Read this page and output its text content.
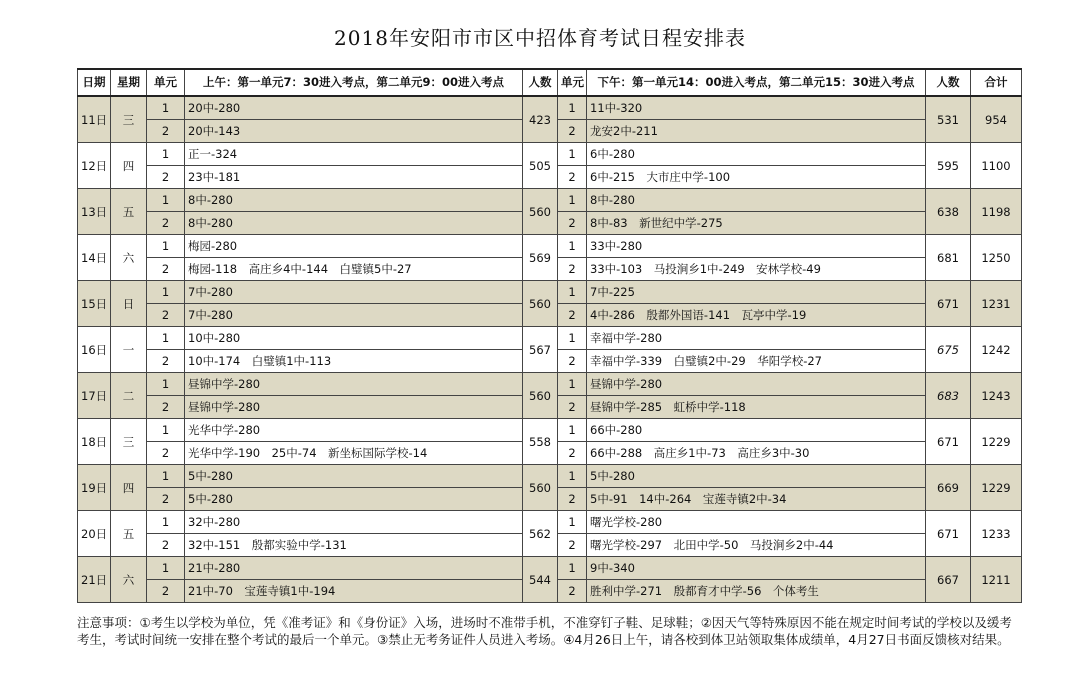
2018年安阳市市区中招体育考试日程安排表
日期	星期	单元	上午：第一单元7：30进入考点，第二单元9：00进入考点	人数	单元	下午：第一单元14：00进入考点，第二单元15：30进入考点	人数	合计
11日	三	1	20中-280	423	1	11中-320	531	954
		2	20中-143		2	龙安2中-211		
12日	四	1	正一-324	505	1	6中-280	595	1100
		2	23中-181		2	6中-215　大市庄中学-100		
13日	五	1	8中-280	560	1	8中-280	638	1198
		2	8中-280		2	8中-83　新世纪中学-275		
14日	六	1	梅园-280	569	1	33中-280	681	1250
		2	梅园-118　高庄乡4中-144　白璧镇5中-27		2	33中-103　马投涧乡1中-249　安林学校-49		
15日	日	1	7中-280	560	1	7中-225	671	1231
		2	7中-280		2	4中-286　殷都外国语-141　瓦亭中学-19		
16日	一	1	10中-280	567	1	幸福中学-280	675	1242
		2	10中-174　白璧镇1中-113		2	幸福中学-339　白璧镇2中-29　华阳学校-27		
17日	二	1	昼锦中学-280	560	1	昼锦中学-280	683	1243
		2	昼锦中学-280		2	昼锦中学-285　虹桥中学-118		
18日	三	1	光华中学-280	558	1	66中-280	671	1229
		2	光华中学-190　25中-74　新坐标国际学校-14		2	66中-288　高庄乡1中-73　高庄乡3中-30		
19日	四	1	5中-280	560	1	5中-280	669	1229
		2	5中-280		2	5中-91　14中-264　宝莲寺镇2中-34		
20日	五	1	32中-280	562	1	曙光学校-280	671	1233
		2	32中-151　殷都实验中学-131		2	曙光学校-297　北田中学-50　马投涧乡2中-44		
21日	六	1	21中-280	544	1	9中-340	667	1211
		2	21中-70　宝莲寺镇1中-194		2	胜利中学-271　殷都育才中学-56　个体考生		
注意事项：①考生以学校为单位，凭《准考证》和《身份证》入场，进场时不准带手机，不准穿钉子鞋、足球鞋；②因天气等特殊原因不能在规定时间考试的学校以及缓考考生，考试时间统一安排在整个考试的最后一个单元。③禁止无考务证件人员进入考场。④4月26日上午，请各校到体卫站领取集体成绩单，4月27日书面反馈核对结果。
